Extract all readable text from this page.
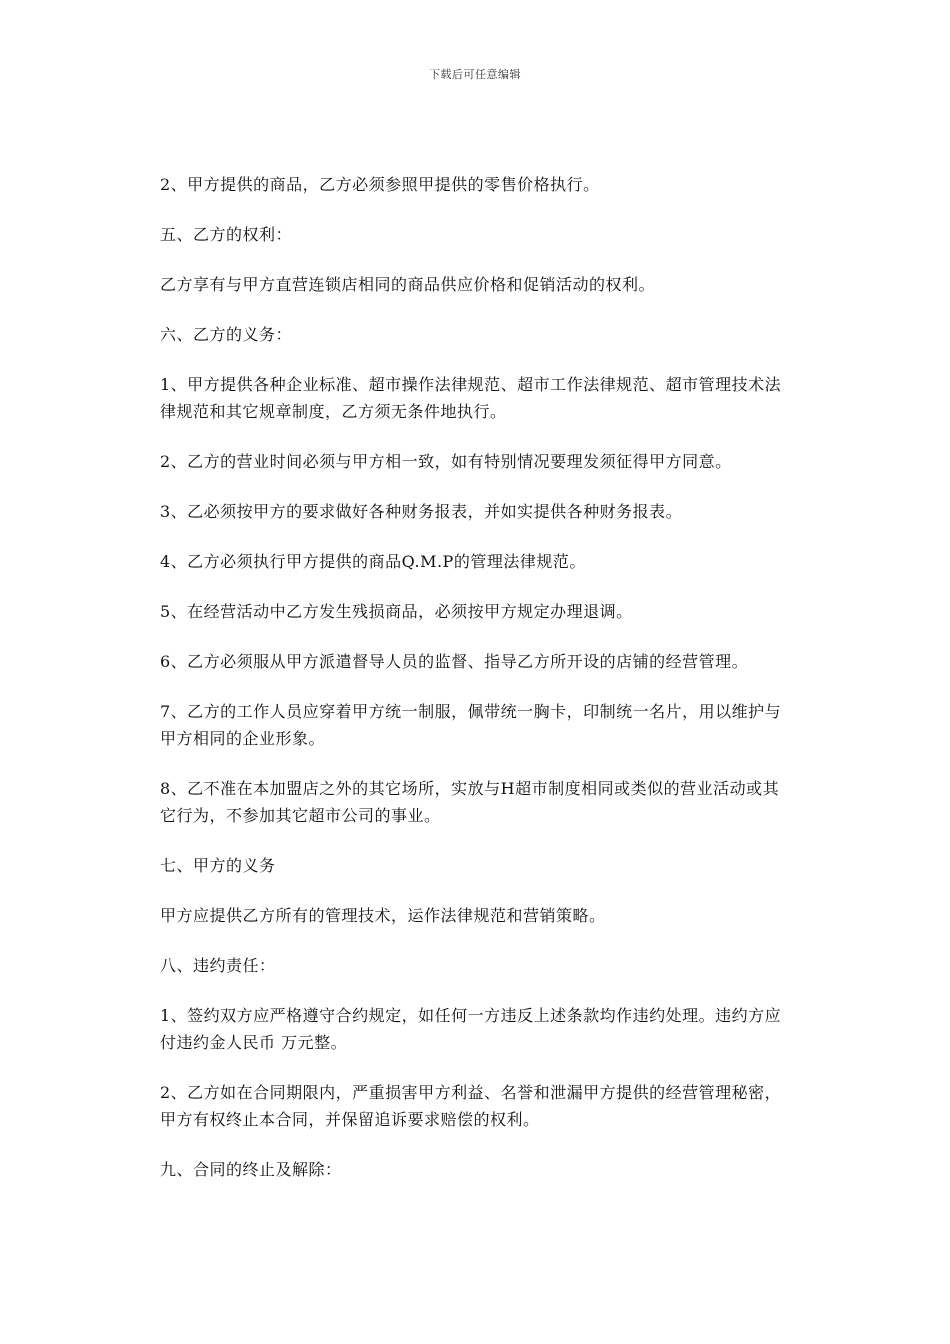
下载后可任意编辑

2、甲方提供的商品，乙方必须参照甲提供的零售价格执行。

五、乙方的权利：

乙方享有与甲方直营连锁店相同的商品供应价格和促销活动的权利。

六、乙方的义务：

1、甲方提供各种企业标准、超市操作法律规范、超市工作法律规范、超市管理技术法律规范和其它规章制度，乙方须无条件地执行。

2、乙方的营业时间必须与甲方相一致，如有特别情况要理发须征得甲方同意。

3、乙必须按甲方的要求做好各种财务报表，并如实提供各种财务报表。

4、乙方必须执行甲方提供的商品Q.M.P的管理法律规范。

5、在经营活动中乙方发生残损商品，必须按甲方规定办理退调。

6、乙方必须服从甲方派遣督导人员的监督、指导乙方所开设的店铺的经营管理。

7、乙方的工作人员应穿着甲方统一制服，佩带统一胸卡，印制统一名片，用以维护与甲方相同的企业形象。

8、乙不准在本加盟店之外的其它场所，实放与H超市制度相同或类似的营业活动或其它行为，不参加其它超市公司的事业。

七、甲方的义务

甲方应提供乙方所有的管理技术，运作法律规范和营销策略。

八、违约责任：

1、签约双方应严格遵守合约规定，如任何一方违反上述条款均作违约处理。违约方应付违约金人民币 万元整。

2、乙方如在合同期限内，严重损害甲方利益、名誉和泄漏甲方提供的经营管理秘密，甲方有权终止本合同，并保留追诉要求赔偿的权利。

九、合同的终止及解除：
